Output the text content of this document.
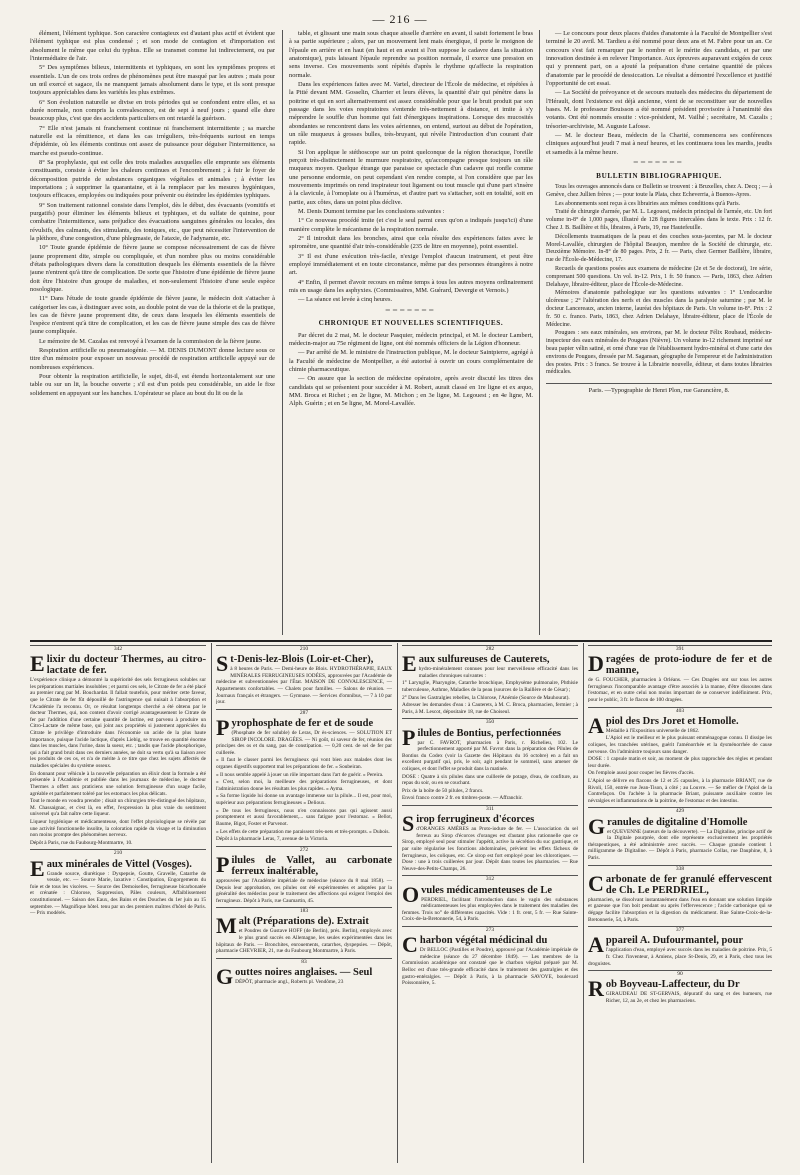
— 216 —

élément, l'élément typhique. Son caractère contagieux est d'autant plus actif et évident que l'élément typhique est plus condensé ; et son mode de contagion et d'importation est absolument le même que celui du typhus. Elle se transmet comme lui indirectement, ou par l'intermédiaire de l'air.

5° Des symptômes bilieux, intermittents et typhiques, en sont les symptômes propres et essentiels. L'un de ces trois ordres de phénomènes peut être masqué par les autres ; mais pour un œil exercé et sagace, ils ne manquent jamais absolument dans le type, et ils sont presque toujours appréciables dans les variétés les plus extrêmes.

6° Son évolution naturelle se divise en trois périodes qui se confondent entre elles, et sa durée normale, non compris la convalescence, est de sept à neuf jours ; quand elle dure beaucoup plus, c'est que des accidents particuliers en ont retardé la guérison.

7° Elle n'est jamais ni franchement continue ni franchement intermittente ; sa marche naturelle est la rémittence, et dans les cas irréguliers, très-fréquents surtout en temps d'épidémie, où les éléments continus ont assez de puissance pour déguiser l'intermittence, sa marche est pseudo-continue.

8° Sa prophylaxie, qui est celle des trois maladies auxquelles elle emprunte ses éléments constituants, consiste à éviter les chaleurs continues et l'encombrement ; à fuir le foyer de décomposition putride de substances organiques végétales et animales ; à éviter les importations ; à supprimer la quarantaine, et à la remplacer par les mesures hygiéniques, toujours efficaces, employées ou indiquées pour prévenir ou éteindre les épidémies typhiques.

9° Son traitement rationnel consiste dans l'emploi, dès le début, des évacuants (vomitifs et purgatifs) pour éliminer les éléments bilieux et typhiques, et du sulfate de quinine, pour combattre l'intermittence, sans préjudice des évacuations sanguines générales ou locales, des révulsifs, des calmants, des stimulants, des toniques, etc., que peut nécessiter l'intervention de la pléthore, d'une congestion, d'une phlegmasie, de l'ataxie, de l'adynamie, etc.

10° Toute grande épidémie de fièvre jaune se compose nécessairement de cas de fièvre jaune proprement dite, simple ou compliquée, et d'un nombre plus ou moins considérable d'états pathologiques divers dans la constitution desquels les éléments essentiels de la fièvre jaune n'entrent qu'à titre de complication. De sorte que l'histoire d'une épidémie de fièvre jaune doit être l'histoire d'un groupe de maladies, et non-seulement l'histoire d'une seule espèce nosologique.

11° Dans l'étude de toute grande épidémie de fièvre jaune, le médecin doit s'attacher à catégoriser les cas, à distinguer avec soin, au double point de vue de la théorie et de la pratique, les cas de fièvre jaune proprement dite, de ceux dans lesquels les éléments essentiels de l'espèce n'entrent qu'à titre de complication, et les cas de fièvre jaune simple des cas de fièvre jaune compliquée.

Le mémoire de M. Cazalas est renvoyé à l'examen de la commission de la fièvre jaune.

Respiration artificielle ou pneumatogénie. — M. DENIS DUMONT donne lecture sous ce titre d'un mémoire pour exposer un nouveau procédé de respiration artificielle appuyé sur de nombreuses expériences.

Pour obtenir la respiration artificielle, le sujet, dit-il, est étendu horizontalement sur une table ou sur un lit, la bouche ouverte ; s'il est d'un poids peu considérable, un aide le fixe solidement en appuyant sur les hanches. L'opérateur se place au bout du lit ou de la

table, et glissant une main sous chaque aisselle d'arrière en avant, il saisit fortement le bras à sa partie supérieure ; alors, par un mouvement lent mais énergique, il porte le moignon de l'épaule en arrière et en haut (en haut et en avant si l'on suppose le cadavre dans la situation anatomique), puis laissant l'épaule reprendre sa position normale, il exerce une pression en sens inverse. Ces mouvements sont répétés d'après le rhythme qu'affecte la respiration normale.

Dans les expériences faites avec M. Vartel, directeur de l'École de médecine, et répétées à la Pitié devant MM. Gosselin, Charrier et leurs élèves, la quantité d'air qui pénètre dans la poitrine et qui en sort alternativement est assez considérable pour que le bruit produit par son passage dans les voies respiratoires s'entende très-nettement à distance, et imite à s'y méprendre le souffle d'un homme qui fait d'énergiques inspirations. Lorsque des mucosités abondantes se rencontrent dans les voies aériennes, on entend, surtout au début de l'opération, un râle muqueux à grosses bulles, très-bruyant, qui révèle l'introduction d'un courant d'air rapide.

Si l'on applique le stéthoscope sur un point quelconque de la région thoracique, l'oreille perçoit très-distinctement le murmure respiratoire, qu'accompagne presque toujours un râle muqueux moyen. Quelque étrange que paraisse ce spectacle d'un cadavre qui ronfle comme une personne endormie, on peut cependant s'en rendre compte, si l'on considère que par les mouvements imprimés on rend inspirateur tout ligament ou tout muscle qui d'une part s'insère à la clavicule, à l'omoplate ou à l'humérus, et d'autre part va s'attacher, soit en totalité, soit en partie, aux côtes, dans un point plus déclive.

M. Denis Dumont termine par les conclusions suivantes :

1° Ce nouveau procédé imite (et c'est le seul parmi ceux qu'on a indiqués jusqu'ici) d'une manière complète le mécanisme de la respiration normale.

2° Il introduit dans les bronches, ainsi que cela résulte des expériences faites avec le spiromètre, une quantité d'air très-considérable (235 de litre en moyenne), point essentiel.

3° Il est d'une exécution très-facile, n'exige l'emploi d'aucun instrument, et peut être employé immédiatement et en toute circonstance, même par des personnes étrangères à notre art.

4° Enfin, il permet d'avoir recours en même temps à tous les autres moyens ordinairement mis en usage dans les asphyxies. (Commissaires, MM. Guérard, Devergie et Vernois.)

— La séance est levée à cinq heures.

═══════
CHRONIQUE ET NOUVELLES SCIENTIFIQUES.

Par décret du 2 mai, M. le docteur Pasquier, médecin principal, et M. le docteur Lambert, médecin-major au 75e régiment de ligne, ont été nommés officiers de la Légion d'honneur.

— Par arrêté de M. le ministre de l'instruction publique, M. le docteur Saintpierre, agrégé à la Faculté de médecine de Montpellier, a été autorisé à ouvrir un cours complémentaire de chimie pharmaceutique.

— On assure que la section de médecine opératoire, après avoir discuté les titres des candidats qui se présentent pour succéder à M. Robert, aurait classé en 1re ligne et ex æquo, MM. Broca et Richet ; en 2e ligne, M. Michon ; en 3e ligne, M. Legouest ; en 4e ligne, M. Alph. Guérin ; et en 5e ligne, M. Morel-Lavallée.

— Le concours pour deux places d'aides d'anatomie à la Faculté de Montpellier s'est terminé le 20 avril. M. Tardieu a été nommé pour deux ans et M. Fabre pour un an. Ce concours s'est fait remarquer par le nombre et le mérite des candidats, et par une innovation destinée à en relever l'importance. Aux épreuves auparavant exigées de ceux qui y prennent part, on a ajouté la préparation d'une certaine quantité de pièces d'anatomie par le procédé de dessiccation. Le résultat a démontré l'excellence et justifié l'opportunité de cet essai.

— La Société de prévoyance et de secours mutuels des médecins du département de l'Hérault, dont l'existence est déjà ancienne, vient de se reconstituer sur de nouvelles bases. M. le professeur Bouisson a été nommé président provisoire à l'unanimité des votants. Ont été nommés ensuite : vice-président, M. Vailhé ; secrétaire, M. Cazalis ; trésorier-archiviste, M. Auguste Lafosse.

— M. le docteur Beau, médecin de la Charité, commencera ses conférences cliniques aujourd'hui jeudi 7 mai à neuf heures, et les continuera tous les mardis, jeudis et samedis à la même heure.

═══════
BULLETIN BIBLIOGRAPHIQUE.

Tous les ouvrages annoncés dans ce Bulletin se trouvent : à Bruxelles, chez A. Decq ; — à Genève, chez Jullien frères ; — pour toute la Plata, chez Echeverria, à Buenos-Ayres.

Les abonnements sont reçus à ces librairies aux mêmes conditions qu'à Paris.

Traité de chirurgie d'armée, par M. L. Legouest, médecin principal de l'armée, etc. Un fort volume in-8° de 1,000 pages, illustré de 128 figures intercalées dans le texte. Prix : 12 fr. Chez J. B. Baillière et fils, libraires, à Paris, 19, rue Hautefeuille.

Décollements traumatiques de la peau et des couches sous-jacentes, par M. le docteur Morel-Lavallée, chirurgien de l'hôpital Beaujon, membre de la Société de chirurgie, etc. Deuxième Mémoire. In-8° de 80 pages. Prix, 2 fr. — Paris, chez Germer Baillière, libraire, rue de l'École-de-Médecine, 17.

Recueils de questions posées aux examens de médecine (2e et 5e de doctorat), 1re série, comprenant 500 questions. Un vol. in-12. Prix, 1 fr. 50 franco. — Paris, 1863, chez Adrien Delahaye, libraire-éditeur, place de l'École-de-Médecine.

Mémoires d'anatomie pathologique sur les questions suivantes : 1° L'endocardite ulcéreuse ; 2° l'altération des nerfs et des muscles dans la paralysie saturnine ; par M. le docteur Lancereaux, ancien interne, lauréat des hôpitaux de Paris. Un volume in-8°. Prix : 2 fr. 50 c. franco. Paris, 1863, chez Adrien Delahaye, libraire-éditeur, place de l'École de Médecine.

Pougues : ses eaux minérales, ses environs, par M. le docteur Félix Roubaud, médecin-inspecteur des eaux minérales de Pougues (Nièvre). Un volume in-12 richement imprimé sur beau papier vélin satiné, et orné d'une vue de l'établissement hydro-minéral et d'une carte des environs de Pougues, dressée par M. Sagansan, géographe de l'empereur et de l'administration des postes. Prix : 3 francs. Se trouve à la Librairie nouvelle, éditeur, et dans toutes librairies médicales.

Paris. —Typographie de Henri Plon, rue Garancière, 8.
342
Elixir du docteur Thermes, au citro-lactate de fer.

L'expérience clinique a démontré la supériorité des sels ferrugineux solubles sur les préparations martiales insolubles ; et parmi ces sels, le Citrate de fer a été placé au premier rang par M. Bouchardat. Il fallait toutefois, pour mériter cette faveur, que le Citrate de fer fût dépouillé de l'astringence qui nuisait à l'absorption et l'Académie l'a reconnu. Or, ce résultat longtemps cherché a été obtenu par le docteur Thermes, qui, non content d'avoir corrigé avantageusement le Citrate de fer par l'addition d'une certaine quantité de lactine, est parvenu à produire un Citro-Lactate de même base, qui joint aux propriétés si justement appréciées du Citrate le privilège d'introduire dans l'économie un acide de la plus haute importance, puisque l'acide lactique, d'après Liebig, se trouve en quantité énorme dans les muscles, dans l'urine, dans la sueur, etc. ; tandis que l'acide phosphorique, qui a fait grand bruit dans ces derniers années, ne doit sa vertu qu'à sa liaison avec les produits de ces os, et n'a de mérite à ce titre que chez les sujets affectés de maladies spéciales du système osseux.

En donnant pour véhicule à la nouvelle préparation un élixir dont la formule a été présentée à l'Académie et publiée dans les journaux de médecine, le docteur Thermes a offert aux praticiens une solution ferrugineuse d'un usage facile, agréable et parfaitement toléré par les estomacs les plus délicats.

Tout le monde en voudra prendre ; disait un chirurgien très-distingué des hôpitaux, M. Chassaignac, et c'est là, en effet, l'expression la plus vraie du sentiment universel qu'a fait naître cette liqueur.

Liqueur hygiénique et médicamenteuse, dont l'effet physiologique se révèle par une activité fonctionnelle insolite, la coloration rapide du visage et la diminution non moins prompte des phénomènes nerveux.

Dépôt à Paris, rue du Faubourg-Montmartre, 10.

210
Eaux minérales de Vittel (Vosges).

Grande source, diurétique : Dyspepsie, Goutte, Gravelle, Catarrhe de vessie, etc. — Source Marie, laxative : Constipation, Engorgements du foie et de tous les viscères. — Source des Demoiselles, ferrugineuse bicarbonatée et crénatée : Chlorose, Suppression, Pâles couleurs, Affaiblissement constitutionnel. — Saison des Eaux, des Bains et des Douches du 1er juin au 15 septembre. — Magnifique hôtel. tenu par un des premiers maîtres d'hôtel de Paris. — Prix modérés.

210
St-Denis-lez-Blois (Loir-et-Cher),

à 8 heures de Paris. — Demi-heure de Blois. HYDROTHÉRAPIE, EAUX MINÉRALES FERRUGINEUSES IODÉES, approuvées par l'Académie de médecine et subventionnées par l'État. MAISON DE CONVALESCENCE, — Appartements confortables. — Chalets pour familles. — Salons de réunion. — Journaux français et étrangers. — Gymnase. — Services d'omnibus, — 7 à 10 par jour.

287
Pyrophosphate de fer et de soude

(Phosphate de fer soluble) de Leras, Dr ès-sciences. — SOLUTION ET SIROP INCOLORE. DRAGÉES. — Ni goût, ni saveur de fer, réunion des principes des os et du sang, pas de constipation. — 0,20 cent. de sel de fer par cuillerée.

« Il faut le classer parmi les ferrugineux qui vont bien aux malades dont les organes digestifs supportent mal les préparations de fer. » Soubeiran.

« Il nous semble appelé à jouer un rôle important dans l'art de guérir. » Pereira.

« C'est, selon moi, la meilleure des préparations ferrugineuses, et dont l'administration donne les résultats les plus rapides. » Ayma.

« Sa forme liquide lui donne un avantage immense sur la pilule... Il est, pour moi, supérieur aux préparations ferrugineuses » Delioux.

« De tous les ferrugineux, nous n'en connaissons pas qui agissent aussi promptement et aussi favorablement,... sans fatigue pour l'estomac. » Bellot, Baume, Bigot, Foster et Parvenot.

« Les effets de cette préparation me paraissent très-nets et très-prompts. » Dubois.

Dépôt à la pharmacie Leras, 7, avenue de la Victoria.

272
Pilules de Vallet, au carbonate ferreux inaltérable,

approuvées par l'Académie impériale de médecine (séance du 8 mai 1858). — Depuis leur approbation, ces pilules ont été expérimentées et adoptées par la généralité des médecins pour le traitement des affections qui exigent l'emploi des ferrugineux. Dépôt à Paris, rue Caumartin, 45.

183
Malt (Préparations de). Extrait

et Poudres de Gustave HOFF (de Berlin), prés. Berlin), employés avec le plus grand succès en Allemagne, les seules expérimentées dans les hôpitaux de Paris. — Bronchites, enrouements, catarrhes, dyspepsies. — Dépôt, pharmacie CHEVRIER, 21, rue du Faubourg Montmartre, à Paris.

83
Gouttes noires anglaises. — Seul

DÉPÔT, pharmacie angl., Roberts pl. Vendôme, 23

282
Eaux sulfureuses de Cauterets,

hydro-minéralement connues pour leur merveilleuse efficacité dans les maladies chroniques suivantes :

1° Larynglie, Pharyngite, Catarrhe bronchique, Emphysème pulmonaire, Phthisie tuberculeuse, Asthme, Maladies de la peau (sources de la Raillère et de César) ;

2° Dans les Gastralgies rebelles, la Chlorose, l'Anémie (Source de Mauhourat).

Adresser les demandes d'eau : à Cauterets, à M. C. Broca, pharmacien, fermier ; à Paris, à M. Lescot, dépositaire 18, rue de Choiseul.

350
Pilules de Bontius, perfectionnées

par C. FAVROT, pharmacien à Paris, r. Richelieu, 102. Le perfectionnement apporté par M. Favrot dans la préparation des Pilules de Bontius du Codex (voir la Gazette des Hôpitaux du 16 octobre) en a fait un excellent purgatif qui, pris, le soir, agit pendant le sommeil, sans amener de coliques, et dont l'effet se produit dans la matinée.

DOSE : Quatre à six pilules dans une cuillerée de potage, d'eau, de confiture, au repas du soir, ou en se couchant.

Prix de la boîte de 50 pilules, 2 francs.

Envoi franco contre 2 fr. en timbres-poste. — Affranchir.

311
Sirop ferrugineux d'écorces

d'ORANGES AMÈRES au Proto-iodure de fer. — L'association du sel ferreux au Sirop d'écorces d'oranges est d'autant plus rationnelle que ce Sirop, employé seul pour stimuler l'appétit, active la sécrétion du suc gastrique, et par suite régularise les fonctions abdominales, prévient les effets fâcheux de ferrugineux, les coliques, etc. Ce sirop est fort employé pour les chlorotiques. — Dose : une à trois cuillerées par jour. Dépôt dans toutes les pharmacies. — Rue Neuve-des-Petits-Champs, 26.

312
Ovules médicamenteuses de Le

PERDRIEL, facilitant l'introduction dans le vagin des substances médicamenteuses les plus employées dans le traitement des maladies des femmes. Trois no° de différentes capacités. Vide : 1 fr. cent, 5 fr. — Rue Sainte-Croix-de-la-Bretonnerie, 54, à Paris.

273
Charbon végétal médicinal du

Dr BELLOC (Pastilles et Poudre), approuvé par l'Académie impériale de médecine (séance du 27 décembre 1849). — Les membres de la Commission académique ont constaté que le charbon végétal préparé par M. Belloc est d'une très-grande efficacité dans le traitement des gastralgies et des gastro-entéralgies. — Dépôt à Paris, à la pharmacie SAVOYE, boulevard Poissonnière, 5.

391
Dragées de proto-iodure de fer et de manne,

de G. FOUCHER, pharmacien à Orléans. — Ces Dragées ont sur tous les autres ferrugineux l'incomparable avantage d'être associés à la manne, d'être dissoutes dans l'estomac, et en outre celui non moins important de se conserver indéfiniment. Prix, pour le public, 3 fr. le flacon de 100 dragées.

403
Apiol des Drs Joret et Homolle.

Médaille à l'Exposition universelle de 1862.

L'Apiol est le meilleur et le plus puissant emménagogue connu. Il dissipe les coliques, les tranchées utérines, guérit l'aménorrhée et la dysménorrhée de cause nerveuse. On l'administre toujours sans danger.

DOSE : 1 capsule matin et soir, au moment de plus rapprochée des règles et pendant leur durée.

On l'emploie aussi pour couper les fièvres d'accès.

L'Apiol se délivre en flacons de 12 et 25 capsules, à la pharmacie BRIANT, rue de Rivoli, 150, entrée rue Jean-Tison, à côté ; au Louvre. — Se méfier de l'Apiol de la Contrefaçon. On l'achète à la pharmacie Briant, puissante auxiliaire contre les névralgies et inflammations de la poitrine, de l'estomac et des intestins.

429
Granules de digitaline d'Homolle

et QUEVENNE (auteurs de la découverte). — La Digitaline, principe actif de la Digitale pourprée, dont elle représente exclusivement les propriétés thérapeutiques, a été administrée avec succès. — Chaque granule contient 1 milligramme de Digitaline. — Dépôt à Paris, pharmacie Collas, rue Dauphine, 8, à Paris.

338
Carbonate de fer granulé effervescent de Ch. Le PERDRIEL,

pharmacien, se dissolvant instantanément dans l'eau en donnant une solution limpide et gazeuse que l'on boit pendant ou après l'effervescence ; l'acide carbonique qui se dégage facilite l'absorption et la digestion du médicament. Rue Sainte-Croix-de-la-Bretonnerie, 54, à Paris.

377
Appareil A. Dufourmantel, pour

l'application d'eau, employé avec succès dans les maladies de poitrine. Prix, 5 fr. Chez l'inventeur, à Amiens, place St-Denis, 29, et à Paris, chez tous les droguistes.

90
Rob Boyveau-Laffecteur, du Dr

GIRAUDEAU DE ST-GERVAIS, dépuratif du sang et des humeurs, rue Richer, 12, au 2e, et chez les pharmaciens.
